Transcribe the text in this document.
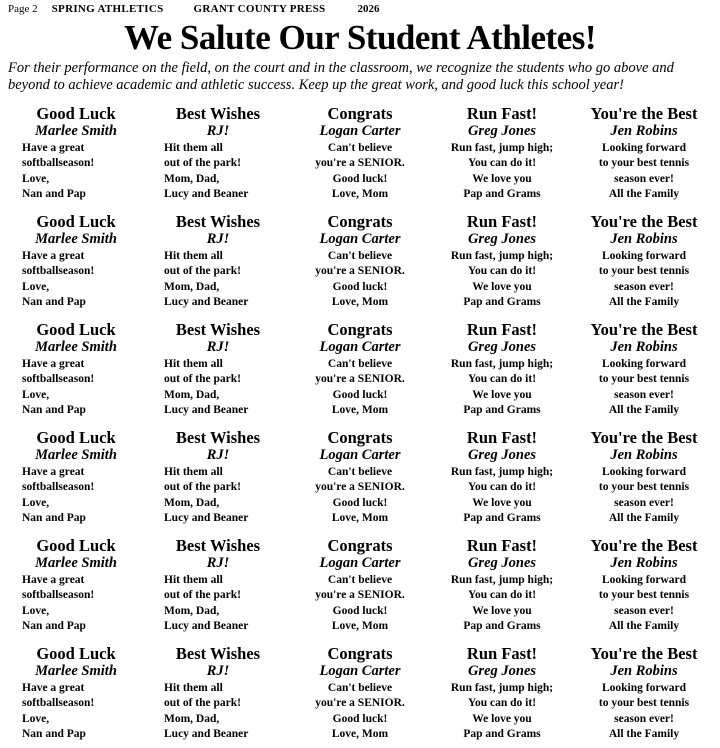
Page 2 SPRING ATHLETICS	GRANT COUNTY PRESS	2026
We Salute Our Student Athletes!
For their performance on the field, on the court and in the classroom, we recognize the students who go above and beyond to achieve academic and athletic success. Keep up the great work, and good luck this school year!
Good Luck
Marlee Smith
Have a great
softballseason!
Love,
Nan and Pap
Best Wishes
RJ!
Hit them all
out of the park!
Mom, Dad,
Lucy and Beaner
Congrats
Logan Carter
Can't believe
you're a SENIOR.
Good luck!
Love, Mom
Run Fast!
Greg Jones
Run fast, jump high;
You can do it!
We love you
Pap and Grams
You're the Best
Jen Robins
Looking forward
to your best tennis
season ever!
All the Family
Good Luck
Marlee Smith
Have a great
softballseason!
Love,
Nan and Pap
Best Wishes
RJ!
Hit them all
out of the park!
Mom, Dad,
Lucy and Beaner
Congrats
Logan Carter
Can't believe
you're a SENIOR.
Good luck!
Love, Mom
Run Fast!
Greg Jones
Run fast, jump high;
You can do it!
We love you
Pap and Grams
You're the Best
Jen Robins
Looking forward
to your best tennis
season ever!
All the Family
Good Luck
Marlee Smith
Have a great
softballseason!
Love,
Nan and Pap
Best Wishes
RJ!
Hit them all
out of the park!
Mom, Dad,
Lucy and Beaner
Congrats
Logan Carter
Can't believe
you're a SENIOR.
Good luck!
Love, Mom
Run Fast!
Greg Jones
Run fast, jump high;
You can do it!
We love you
Pap and Grams
You're the Best
Jen Robins
Looking forward
to your best tennis
season ever!
All the Family
Good Luck
Marlee Smith
Have a great
softballseason!
Love,
Nan and Pap
Best Wishes
RJ!
Hit them all
out of the park!
Mom, Dad,
Lucy and Beaner
Congrats
Logan Carter
Can't believe
you're a SENIOR.
Good luck!
Love, Mom
Run Fast!
Greg Jones
Run fast, jump high;
You can do it!
We love you
Pap and Grams
You're the Best
Jen Robins
Looking forward
to your best tennis
season ever!
All the Family
Good Luck
Marlee Smith
Have a great
softballseason!
Love,
Nan and Pap
Best Wishes
RJ!
Hit them all
out of the park!
Mom, Dad,
Lucy and Beaner
Congrats
Logan Carter
Can't believe
you're a SENIOR.
Good luck!
Love, Mom
Run Fast!
Greg Jones
Run fast, jump high;
You can do it!
We love you
Pap and Grams
You're the Best
Jen Robins
Looking forward
to your best tennis
season ever!
All the Family
Good Luck
Marlee Smith
Have a great
softballseason!
Love,
Nan and Pap
Best Wishes
RJ!
Hit them all
out of the park!
Mom, Dad,
Lucy and Beaner
Congrats
Logan Carter
Can't believe
you're a SENIOR.
Good luck!
Love, Mom
Run Fast!
Greg Jones
Run fast, jump high;
You can do it!
We love you
Pap and Grams
You're the Best
Jen Robins
Looking forward
to your best tennis
season ever!
All the Family
